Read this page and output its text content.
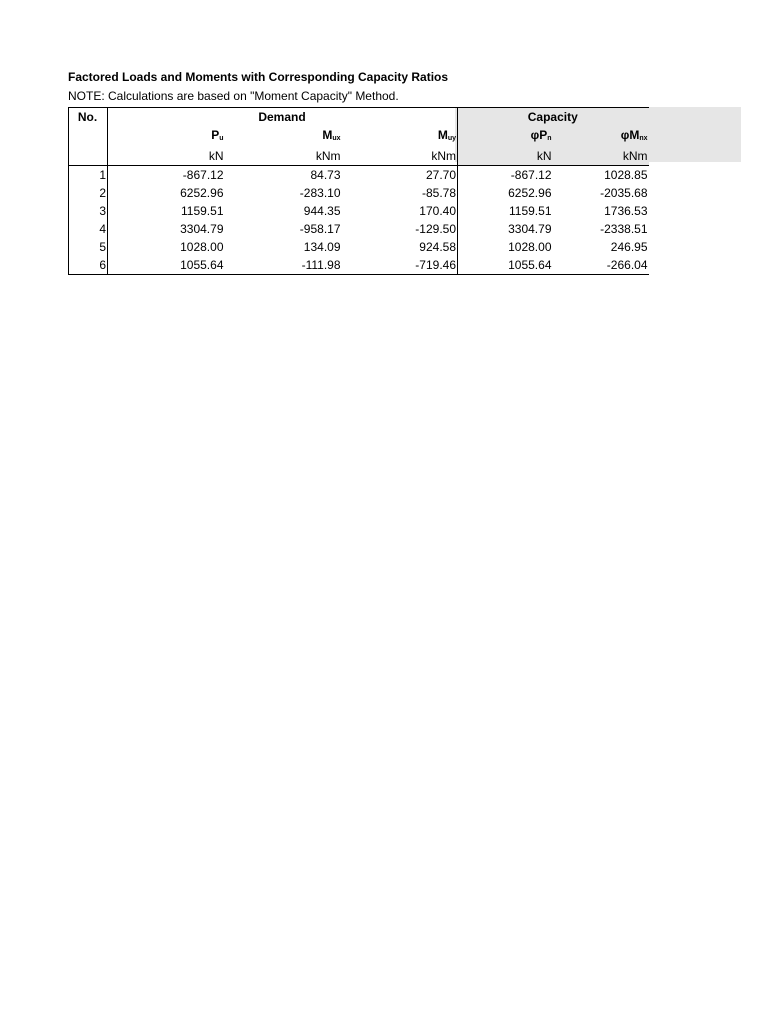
Factored Loads and Moments with Corresponding Capacity Ratios
NOTE: Calculations are based on "Moment Capacity" Method.
No.	Demand			Capacity	
	$P_u$	$M_{ux}$	$M_{uy}$	$\varphi P_n$	$\varphi M_{nx}$
	kN	kNm	kNm	kN	kNm
1	-867.12	84.73	27.70	-867.12	1028.85
2	6252.96	-283.10	-85.78	6252.96	-2035.68
3	1159.51	944.35	170.40	1159.51	1736.53
4	3304.79	-958.17	-129.50	3304.79	-2338.51
5	1028.00	134.09	924.58	1028.00	246.95
6	1055.64	-111.98	-719.46	1055.64	-266.04
